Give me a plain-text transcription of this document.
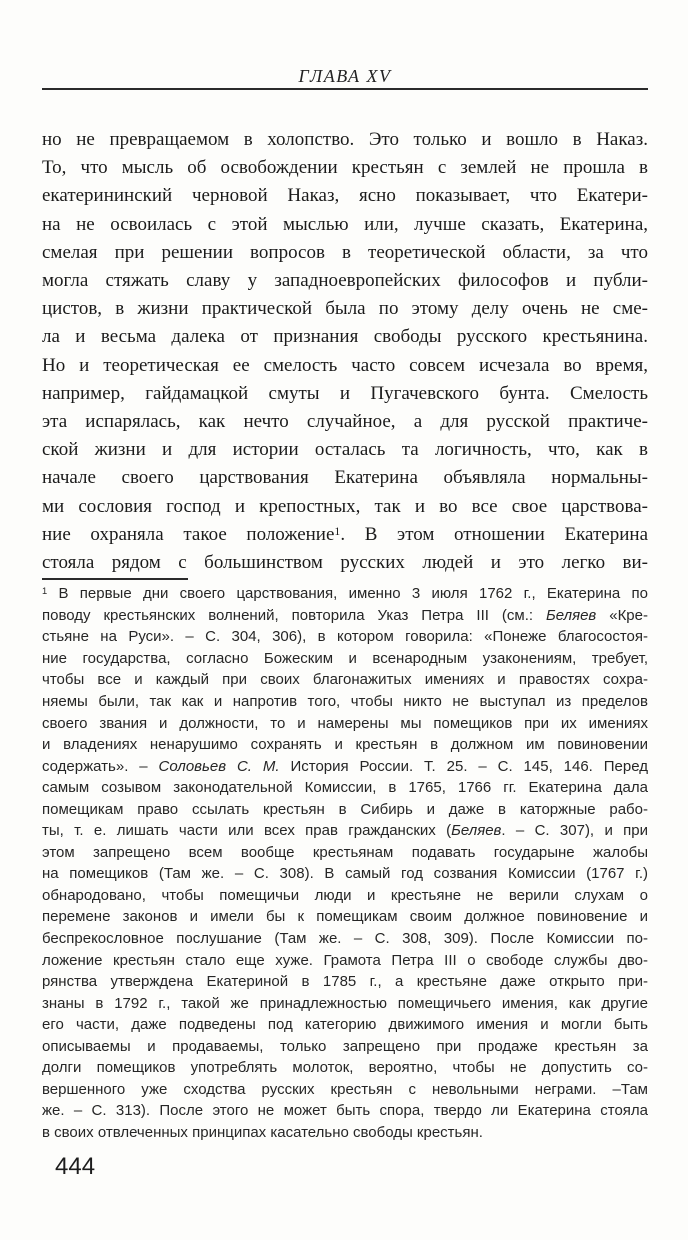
ГЛАВА XV
но не превращаемом в холопство. Это только и вошло в Наказ.
То, что мысль об освобождении крестьян с землей не прошла в
екатерининский черновой Наказ, ясно показывает, что Екатери-
на не освоилась с этой мыслью или, лучше сказать, Екатерина,
смелая при решении вопросов в теоретической области, за что
могла стяжать славу у западноевропейских философов и публи-
цистов, в жизни практической была по этому делу очень не сме-
ла и весьма далека от признания свободы русского крестьянина.
Но и теоретическая ее смелость часто совсем исчезала во время,
например, гайдамацкой смуты и Пугачевского бунта. Смелость
эта испарялась, как нечто случайное, а для русской практиче-
ской жизни и для истории осталась та логичность, что, как в
начале своего царствования Екатерина объявляла нормальны-
ми сословия господ и крепостных, так и во все свое царствова-
ние охраняла такое положение1. В этом отношении Екатерина
стояла рядом с большинством русских людей и это легко ви-
1 В первые дни своего царствования, именно 3 июля 1762 г., Екатерина по
поводу крестьянских волнений, повторила Указ Петра III (см.: Беляев «Кре-
стьяне на Руси». – С. 304, 306), в котором говорила: «Понеже благосостоя-
ние государства, согласно Божеским и всенародным узаконениям, требует,
чтобы все и каждый при своих благонажитых имениях и правостях сохра-
няемы были, так как и напротив того, чтобы никто не выступал из пределов
своего звания и должности, то и намерены мы помещиков при их имениях
и владениях ненарушимо сохранять и крестьян в должном им повиновении
содержать». – Соловьев С. М. История России. Т. 25. – С. 145, 146. Перед
самым созывом законодательной Комиссии, в 1765, 1766 гг. Екатерина дала
помещикам право ссылать крестьян в Сибирь и даже в каторжные рабо-
ты, т. е. лишать части или всех прав гражданских (Беляев. – С. 307), и при
этом запрещено всем вообще крестьянам подавать государыне жалобы
на помещиков (Там же. – С. 308). В самый год созвания Комиссии (1767 г.)
обнародовано, чтобы помещичьи люди и крестьяне не верили слухам о
перемене законов и имели бы к помещикам своим должное повиновение и
беспрекословное послушание (Там же. – С. 308, 309). После Комиссии по-
ложение крестьян стало еще хуже. Грамота Петра III о свободе службы дво-
рянства утверждена Екатериной в 1785 г., а крестьяне даже открыто при-
знаны в 1792 г., такой же принадлежностью помещичьего имения, как другие
его части, даже подведены под категорию движимого имения и могли быть
описываемы и продаваемы, только запрещено при продаже крестьян за
долги помещиков употреблять молоток, вероятно, чтобы не допустить со-
вершенного уже сходства русских крестьян с невольными неграми. –Там
же. – С. 313). После этого не может быть спора, твердо ли Екатерина стояла
в своих отвлеченных принципах касательно свободы крестьян.
444
